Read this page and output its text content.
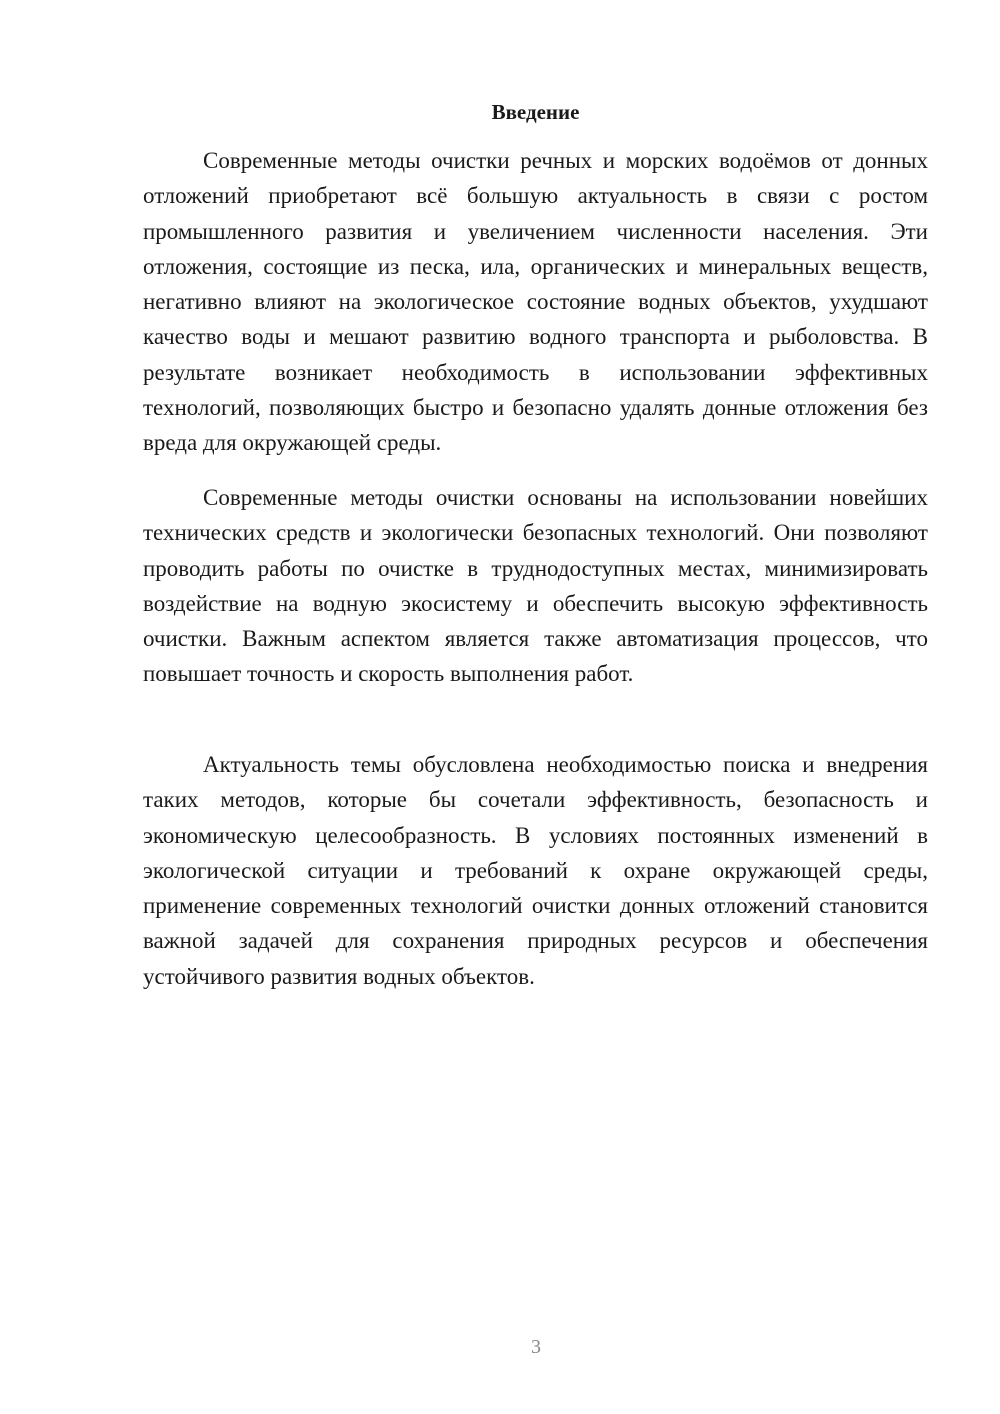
Введение

Современные методы очистки речных и морских водоёмов от донных отложений приобретают всё большую актуальность в связи с ростом промышленного развития и увеличением численности населения. Эти отложения, состоящие из песка, ила, органических и минеральных веществ, негативно влияют на экологическое состояние водных объектов, ухудшают качество воды и мешают развитию водного транспорта и рыболовства. В результате возникает необходимость в использовании эффективных технологий, позволяющих быстро и безопасно удалять донные отложения без вреда для окружающей среды.

Современные методы очистки основаны на использовании новейших технических средств и экологически безопасных технологий. Они позволяют проводить работы по очистке в труднодоступных местах, минимизировать воздействие на водную экосистему и обеспечить высокую эффективность очистки. Важным аспектом является также автоматизация процессов, что повышает точность и скорость выполнения работ.

Актуальность темы обусловлена необходимостью поиска и внедрения таких методов, которые бы сочетали эффективность, безопасность и экономическую целесообразность. В условиях постоянных изменений в экологической ситуации и требований к охране окружающей среды, применение современных технологий очистки донных отложений становится важной задачей для сохранения природных ресурсов и обеспечения устойчивого развития водных объектов.

3
